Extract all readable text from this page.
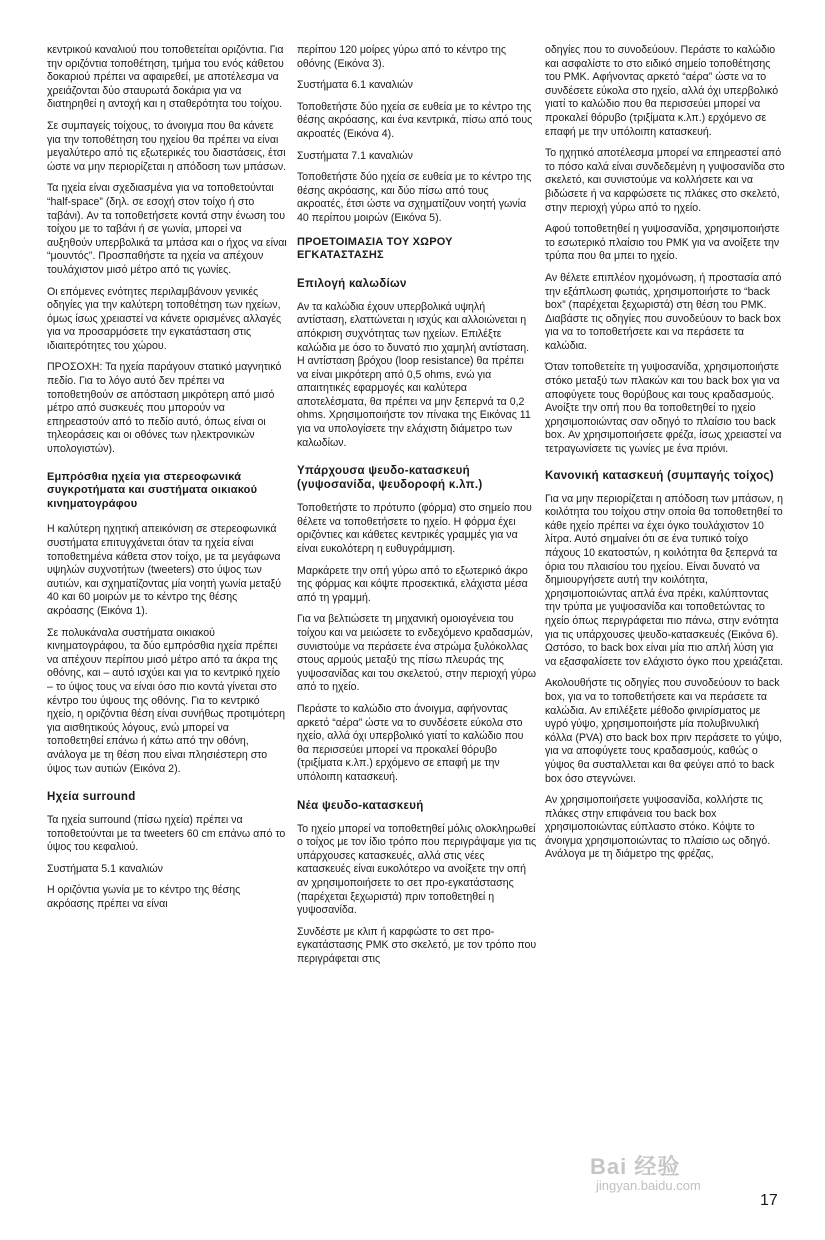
κεντρικού καναλιού που τοποθετείται οριζόντια. Για την οριζόντια τοποθέτηση, τμήμα του ενός κάθετου δοκαριού πρέπει να αφαιρεθεί, με αποτέλεσμα να χρειάζονται δύο σταυρωτά δοκάρια για να διατηρηθεί η αντοχή και η σταθερότητα του τοίχου.

Σε συμπαγείς τοίχους, το άνοιγμα που θα κάνετε για την τοποθέτηση του ηχείου θα πρέπει να είναι μεγαλύτερο από τις εξωτερικές του διαστάσεις, έτσι ώστε να μην περιορίζεται η απόδοση των μπάσων.

Τα ηχεία είναι σχεδιασμένα για να τοποθετούνται “half-space” (δηλ. σε εσοχή στον τοίχο ή στο ταβάνι). Αν τα τοποθετήσετε κοντά στην ένωση του τοίχου με το ταβάνι ή σε γωνία, μπορεί να αυξηθούν υπερβολικά τα μπάσα και ο ήχος να είναι “μουντός”. Προσπαθήστε τα ηχεία να απέχουν τουλάχιστον μισό μέτρο από τις γωνίες.

Οι επόμενες ενότητες περιλαμβάνουν γενικές οδηγίες για την καλύτερη τοποθέτηση των ηχείων, όμως ίσως χρειαστεί να κάνετε ορισμένες αλλαγές για να προσαρμόσετε την εγκατάσταση στις ιδιαιτερότητες του χώρου.

ΠΡΟΣΟΧΗ: Τα ηχεία παράγουν στατικό μαγνητικό πεδίο. Για το λόγο αυτό δεν πρέπει να τοποθετηθούν σε απόσταση μικρότερη από μισό μέτρο από συσκευές που μπορούν να επηρεαστούν από το πεδίο αυτό, όπως είναι οι τηλεοράσεις και οι οθόνες των ηλεκτρονικών υπολογιστών).

Εμπρόσθια ηχεία για στερεοφωνικά συγκροτήματα και συστήματα οικιακού κινηματογράφου

Η καλύτερη ηχητική απεικόνιση σε στερεοφωνικά συστήματα επιτυγχάνεται όταν τα ηχεία είναι τοποθετημένα κάθετα στον τοίχο, με τα μεγάφωνα υψηλών συχνοτήτων (tweeters) στο ύψος των αυτιών, και σχηματίζοντας μία νοητή γωνία μεταξύ 40 και 60 μοιρών με το κέντρο της θέσης ακρόασης (Εικόνα 1).

Σε πολυκάναλα συστήματα οικιακού κινηματογράφου, τα δύο εμπρόσθια ηχεία πρέπει να απέχουν περίπου μισό μέτρο από τα άκρα της οθόνης, και – αυτό ισχύει και για το κεντρικό ηχείο – το ύψος τους να είναι όσο πιο κοντά γίνεται στο κέντρο του ύψους της οθόνης. Για το κεντρικό ηχείο, η οριζόντια θέση είναι συνήθως προτιμότερη για αισθητικούς λόγους, ενώ μπορεί να τοποθετηθεί επάνω ή κάτω από την οθόνη, ανάλογα με τη θέση που είναι πλησιέστερη στο ύψος των αυτιών (Εικόνα 2).

Ηχεία surround

Τα ηχεία surround (πίσω ηχεία) πρέπει να τοποθετούνται με τα tweeters 60 cm επάνω από το ύψος του κεφαλιού.

Συστήματα 5.1 καναλιών

Η οριζόντια γωνία με το κέντρο της θέσης ακρόασης πρέπει να είναι

περίπου 120 μοίρες γύρω από το κέντρο της οθόνης (Εικόνα 3).

Συστήματα 6.1 καναλιών

Τοποθετήστε δύο ηχεία σε ευθεία με το κέντρο της θέσης ακρόασης, και ένα κεντρικά, πίσω από τους ακροατές (Εικόνα 4).

Συστήματα 7.1 καναλιών

Τοποθετήστε δύο ηχεία σε ευθεία με το κέντρο της θέσης ακρόασης, και δύο πίσω από τους ακροατές, έτσι ώστε να σχηματίζουν νοητή γωνία 40 περίπου μοιρών (Εικόνα 5).

ΠΡΟΕΤΟΙΜΑΣΙΑ ΤΟΥ ΧΩΡΟΥ ΕΓΚΑΤΑΣΤΑΣΗΣ
Επιλογή καλωδίων

Αν τα καλώδια έχουν υπερβολικά υψηλή αντίσταση, ελαττώνεται η ισχύς και αλλοιώνεται η απόκριση συχνότητας των ηχείων. Επιλέξτε καλώδια με όσο το δυνατό πιο χαμηλή αντίσταση. Η αντίσταση βρόχου (loop resistance) θα πρέπει να είναι μικρότερη από 0,5 ohms, ενώ για απαιτητικές εφαρμογές και καλύτερα αποτελέσματα, θα πρέπει να μην ξεπερνά τα 0,2 ohms. Χρησιμοποιήστε τον πίνακα της Εικόνας 11 για να υπολογίσετε την ελάχιστη διάμετρο των καλωδίων.

Υπάρχουσα ψευδο-κατασκευή (γυψοσανίδα, ψευδοροφή κ.λπ.)

Τοποθετήστε το πρότυπο (φόρμα) στο σημείο που θέλετε να τοποθετήσετε το ηχείο. Η φόρμα έχει οριζόντιες και κάθετες κεντρικές γραμμές για να είναι ευκολότερη η ευθυγράμμιση.

Μαρκάρετε την οπή γύρω από το εξωτερικό άκρο της φόρμας και κόψτε προσεκτικά, ελάχιστα μέσα από τη γραμμή.

Για να βελτιώσετε τη μηχανική ομοιογένεια του τοίχου και να μειώσετε το ενδεχόμενο κραδασμών, συνιστούμε να περάσετε ένα στρώμα ξυλόκολλας στους αρμούς μεταξύ της πίσω πλευράς της γυψοσανίδας και του σκελετού, στην περιοχή γύρω από το ηχείο.

Περάστε το καλώδιο στο άνοιγμα, αφήνοντας αρκετό “αέρα” ώστε να το συνδέσετε εύκολα στο ηχείο, αλλά όχι υπερβολικό γιατί το καλώδιο που θα περισσεύει μπορεί να προκαλεί θόρυβο (τριξίματα κ.λπ.) ερχόμενο σε επαφή με την υπόλοιπη κατασκευή.

Νέα ψευδο-κατασκευή

Το ηχείο μπορεί να τοποθετηθεί μόλις ολοκληρωθεί ο τοίχος με τον ίδιο τρόπο που περιγράψαμε για τις υπάρχουσες κατασκευές, αλλά στις νέες κατασκευές είναι ευκολότερο να ανοίξετε την οπή αν χρησιμοποιήσετε το σετ προ-εγκατάστασης (παρέχεται ξεχωριστά) πριν τοποθετηθεί η γυψοσανίδα.

Συνδέστε με κλιπ ή καρφώστε το σετ προ-εγκατάστασης PMK στο σκελετό, με τον τρόπο που περιγράφεται στις

οδηγίες που το συνοδεύουν. Περάστε το καλώδιο και ασφαλίστε το στο ειδικό σημείο τοποθέτησης του PMK. Αφήνοντας αρκετό “αέρα” ώστε να το συνδέσετε εύκολα στο ηχείο, αλλά όχι υπερβολικό γιατί το καλώδιο που θα περισσεύει μπορεί να προκαλεί θόρυβο (τριξίματα κ.λπ.) ερχόμενο σε επαφή με την υπόλοιπη κατασκευή.

Το ηχητικό αποτέλεσμα μπορεί να επηρεαστεί από το πόσο καλά είναι συνδεδεμένη η γυψοσανίδα στο σκελετό, και συνιστούμε να κολλήσετε και να βιδώσετε ή να καρφώσετε τις πλάκες στο σκελετό, στην περιοχή γύρω από το ηχείο.

Αφού τοποθετηθεί η γυψοσανίδα, χρησιμοποιήστε το εσωτερικό πλαίσιο του PMK για να ανοίξετε την τρύπα που θα μπει το ηχείο.

Αν θέλετε επιπλέον ηχομόνωση, ή προστασία από την εξάπλωση φωτιάς, χρησιμοποιήστε το “back box” (παρέχεται ξεχωριστά) στη θέση του PMK. Διαβάστε τις οδηγίες που συνοδεύουν το back box για να το τοποθετήσετε και να περάσετε τα καλώδια.

Όταν τοποθετείτε τη γυψοσανίδα, χρησιμοποιήστε στόκο μεταξύ των πλακών και του back box για να αποφύγετε τους θορύβους και τους κραδασμούς. Ανοίξτε την οπή που θα τοποθετηθεί το ηχείο χρησιμοποιώντας σαν οδηγό το πλαίσιο του back box. Αν χρησιμοποιήσετε φρέζα, ίσως χρειαστεί να τετραγωνίσετε τις γωνίες με ένα πριόνι.

Κανονική κατασκευή (συμπαγής τοίχος)

Για να μην περιορίζεται η απόδοση των μπάσων, η κοιλότητα του τοίχου στην οποία θα τοποθετηθεί το κάθε ηχείο πρέπει να έχει όγκο τουλάχιστον 10 λίτρα. Αυτό σημαίνει ότι σε ένα τυπικό τοίχο πάχους 10 εκατοστών, η κοιλότητα θα ξεπερνά τα όρια του πλαισίου του ηχείου. Είναι δυνατό να δημιουργήσετε αυτή την κοιλότητα, χρησιμοποιώντας απλά ένα πρέκι, καλύπτοντας την τρύπα με γυψοσανίδα και τοποθετώντας το ηχείο όπως περιγράφεται πιο πάνω, στην ενότητα για τις υπάρχουσες ψευδο-κατασκευές (Εικόνα 6). Ωστόσο, το back box είναι μία πιο απλή λύση για να εξασφαλίσετε τον ελάχιστο όγκο που χρειάζεται.

Ακολουθήστε τις οδηγίες που συνοδεύουν το back box, για να το τοποθετήσετε και να περάσετε τα καλώδια. Αν επιλέξετε μέθοδο φινιρίσματος με υγρό γύψο, χρησιμοποιήστε μία πολυβινυλική κόλλα (PVA) στο back box πριν περάσετε το γύψο, για να αποφύγετε τους κραδασμούς, καθώς ο γύψος θα συσταλλεται και θα φεύγει από το back box όσο στεγνώνει.

Αν χρησιμοποιήσετε γυψοσανίδα, κολλήστε τις πλάκες στην επιφάνεια του back box χρησιμοποιώντας εύπλαστο στόκο. Κόψτε το άνοιγμα χρησιμοποιώντας το πλαίσιο ως οδηγό. Ανάλογα με τη διάμετρο της φρέζας,

Bai 经验
jingyan.baidu.com
17
